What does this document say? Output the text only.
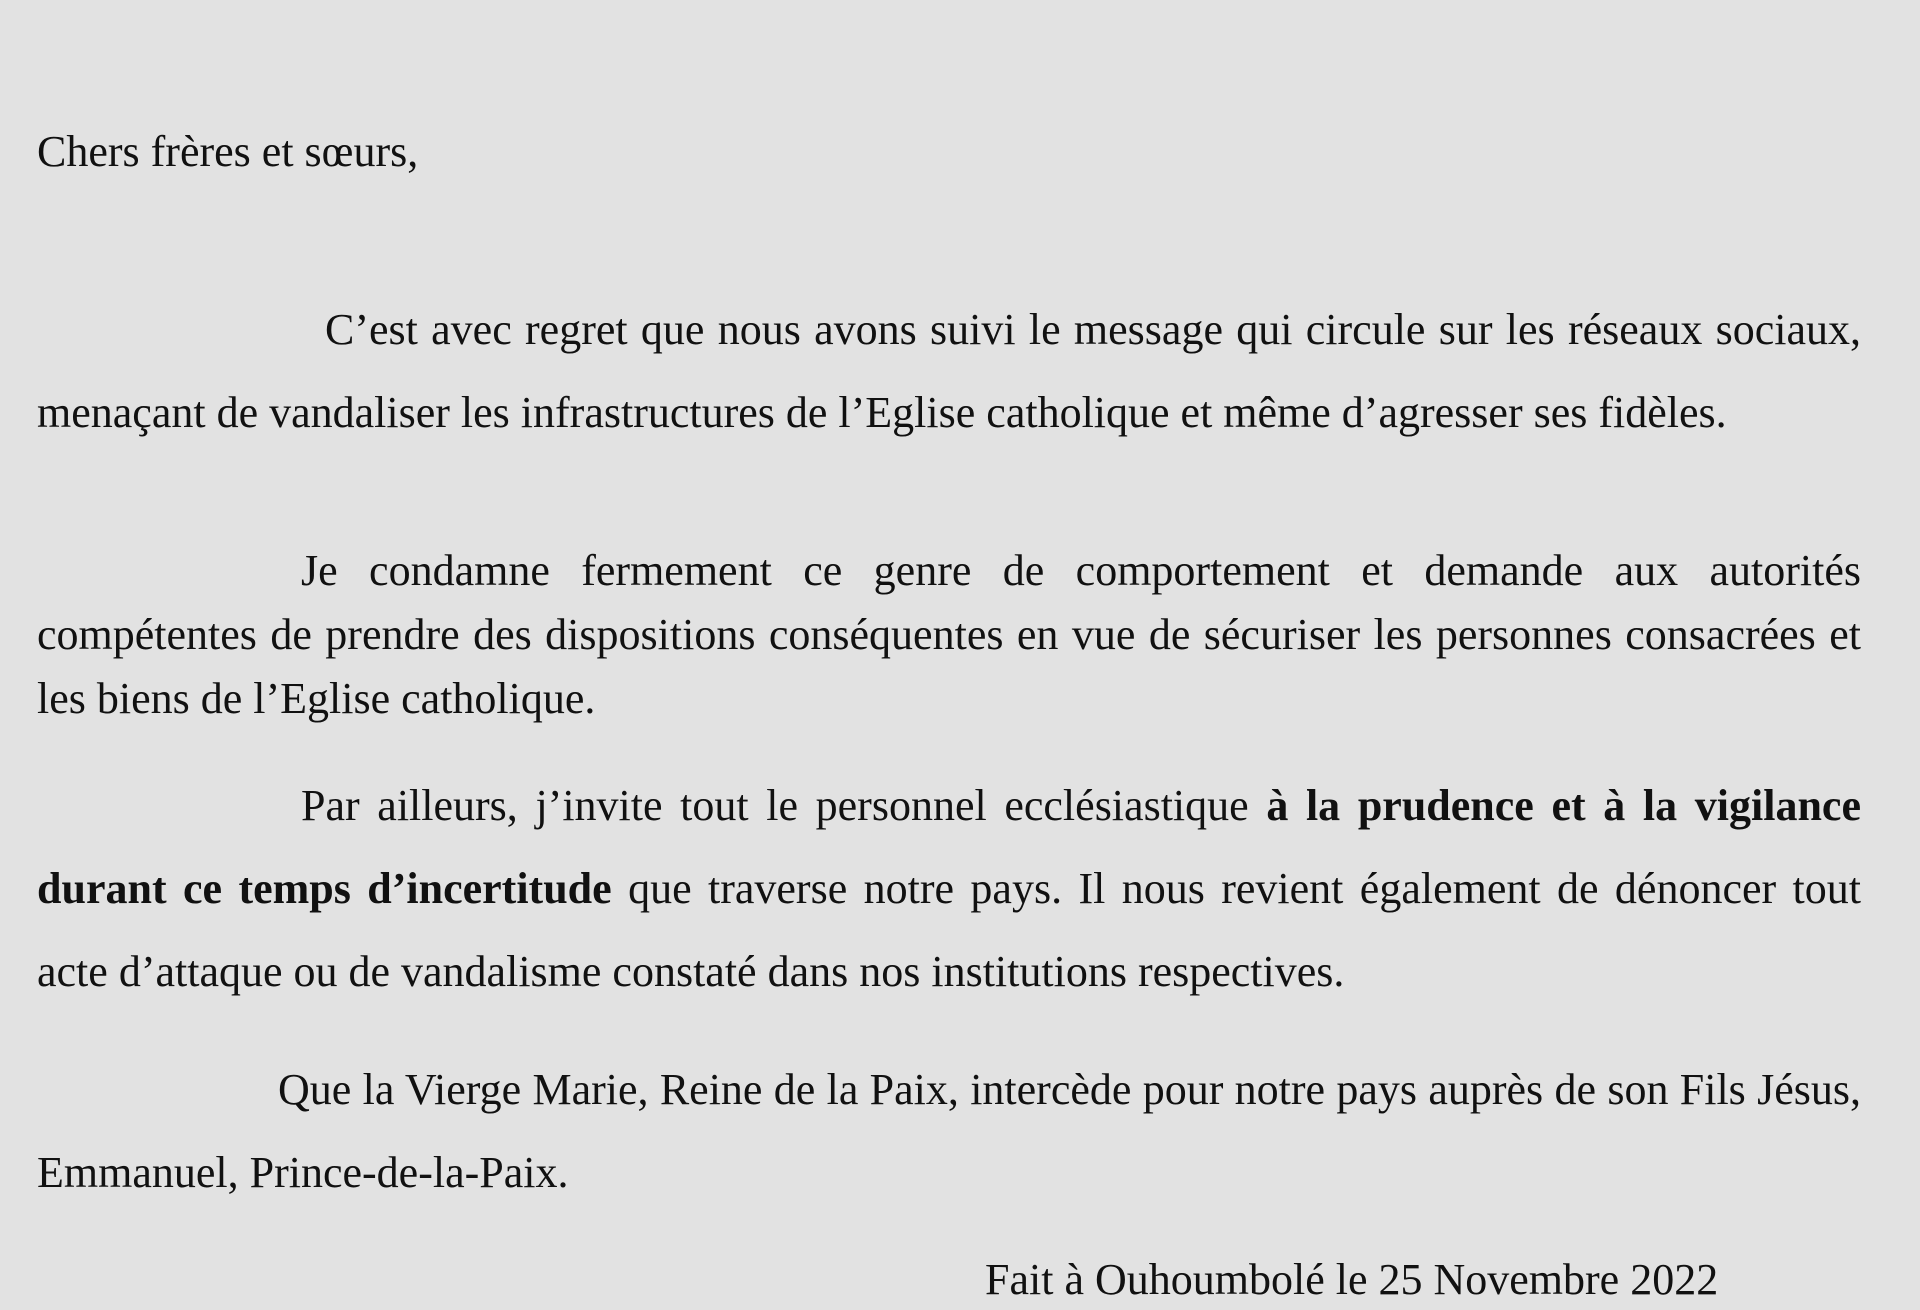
Chers frères et sœurs,
C’est avec regret que nous avons suivi le message qui circule sur les réseaux sociaux, menaçant de vandaliser les infrastructures de l’Eglise catholique et même d’agresser ses fidèles.
Je condamne fermement ce genre de comportement et demande aux autorités compétentes de prendre des dispositions conséquentes en vue de sécuriser les personnes consacrées et les biens de l’Eglise catholique.
Par ailleurs, j’invite tout le personnel ecclésiastique à la prudence et à la vigilance durant ce temps d’incertitude que traverse notre pays. Il nous revient également de dénoncer tout acte d’attaque ou de vandalisme constaté dans nos institutions respectives.
Que la Vierge Marie, Reine de la Paix, intercède pour notre pays auprès de son Fils Jésus, Emmanuel, Prince-de-la-Paix.
Fait à Ouhoumbolé le 25 Novembre 2022
